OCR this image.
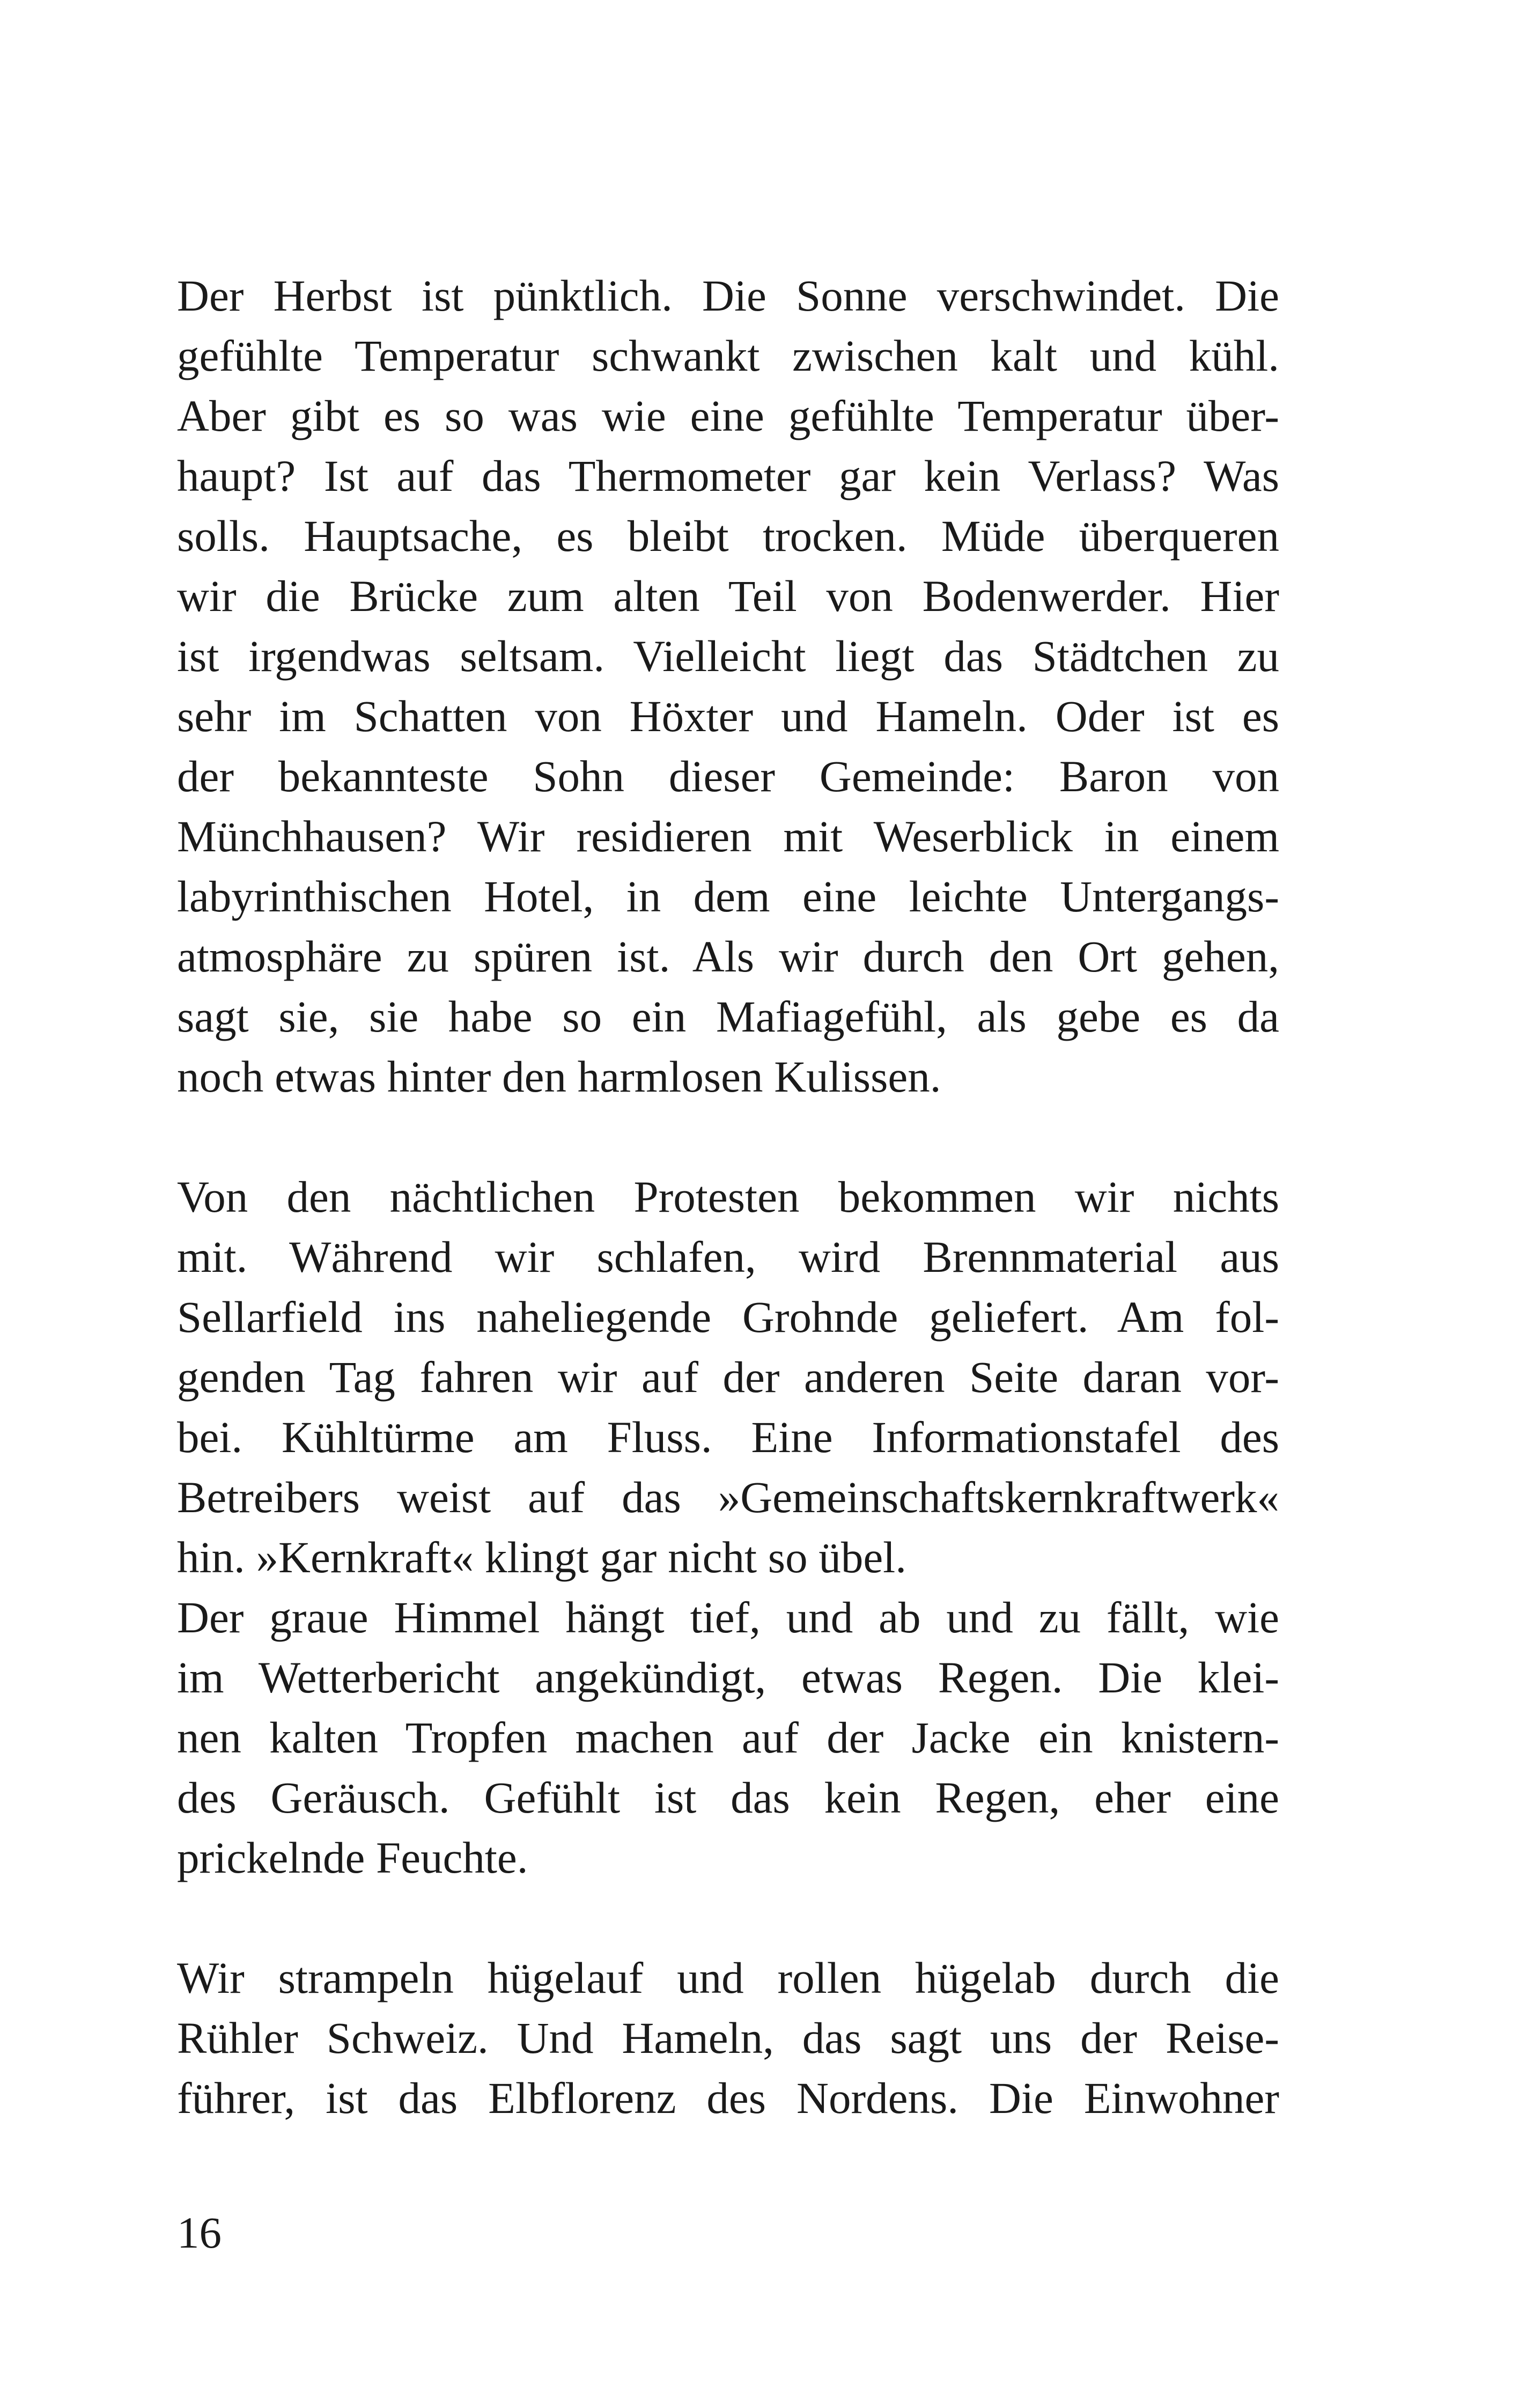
Der Herbst ist pünktlich. Die Sonne verschwindet. Die
gefühlte Temperatur schwankt zwischen kalt und kühl.
Aber gibt es so was wie eine gefühlte Temperatur über-
haupt? Ist auf das Thermometer gar kein Verlass? Was
solls. Hauptsache, es bleibt trocken. Müde überqueren
wir die Brücke zum alten Teil von Bodenwerder. Hier
ist irgendwas seltsam. Vielleicht liegt das Städtchen zu
sehr im Schatten von Höxter und Hameln. Oder ist es
der bekannteste Sohn dieser Gemeinde: Baron von
Münchhausen? Wir residieren mit Weserblick in einem
labyrinthischen Hotel, in dem eine leichte Untergangs-
atmosphäre zu spüren ist. Als wir durch den Ort gehen,
sagt sie, sie habe so ein Mafiagefühl, als gebe es da
noch etwas hinter den harmlosen Kulissen.
Von den nächtlichen Protesten bekommen wir nichts
mit. Während wir schlafen, wird Brennmaterial aus
Sellarfield ins naheliegende Grohnde geliefert. Am fol-
genden Tag fahren wir auf der anderen Seite daran vor-
bei. Kühltürme am Fluss. Eine Informationstafel des
Betreibers weist auf das »Gemeinschaftskernkraftwerk«
hin. »Kernkraft« klingt gar nicht so übel.
Der graue Himmel hängt tief, und ab und zu fällt, wie
im Wetterbericht angekündigt, etwas Regen. Die klei-
nen kalten Tropfen machen auf der Jacke ein knistern-
des Geräusch. Gefühlt ist das kein Regen, eher eine
prickelnde Feuchte.
Wir strampeln hügelauf und rollen hügelab durch die
Rühler Schweiz. Und Hameln, das sagt uns der Reise-
führer, ist das Elbflorenz des Nordens. Die Einwohner

16
